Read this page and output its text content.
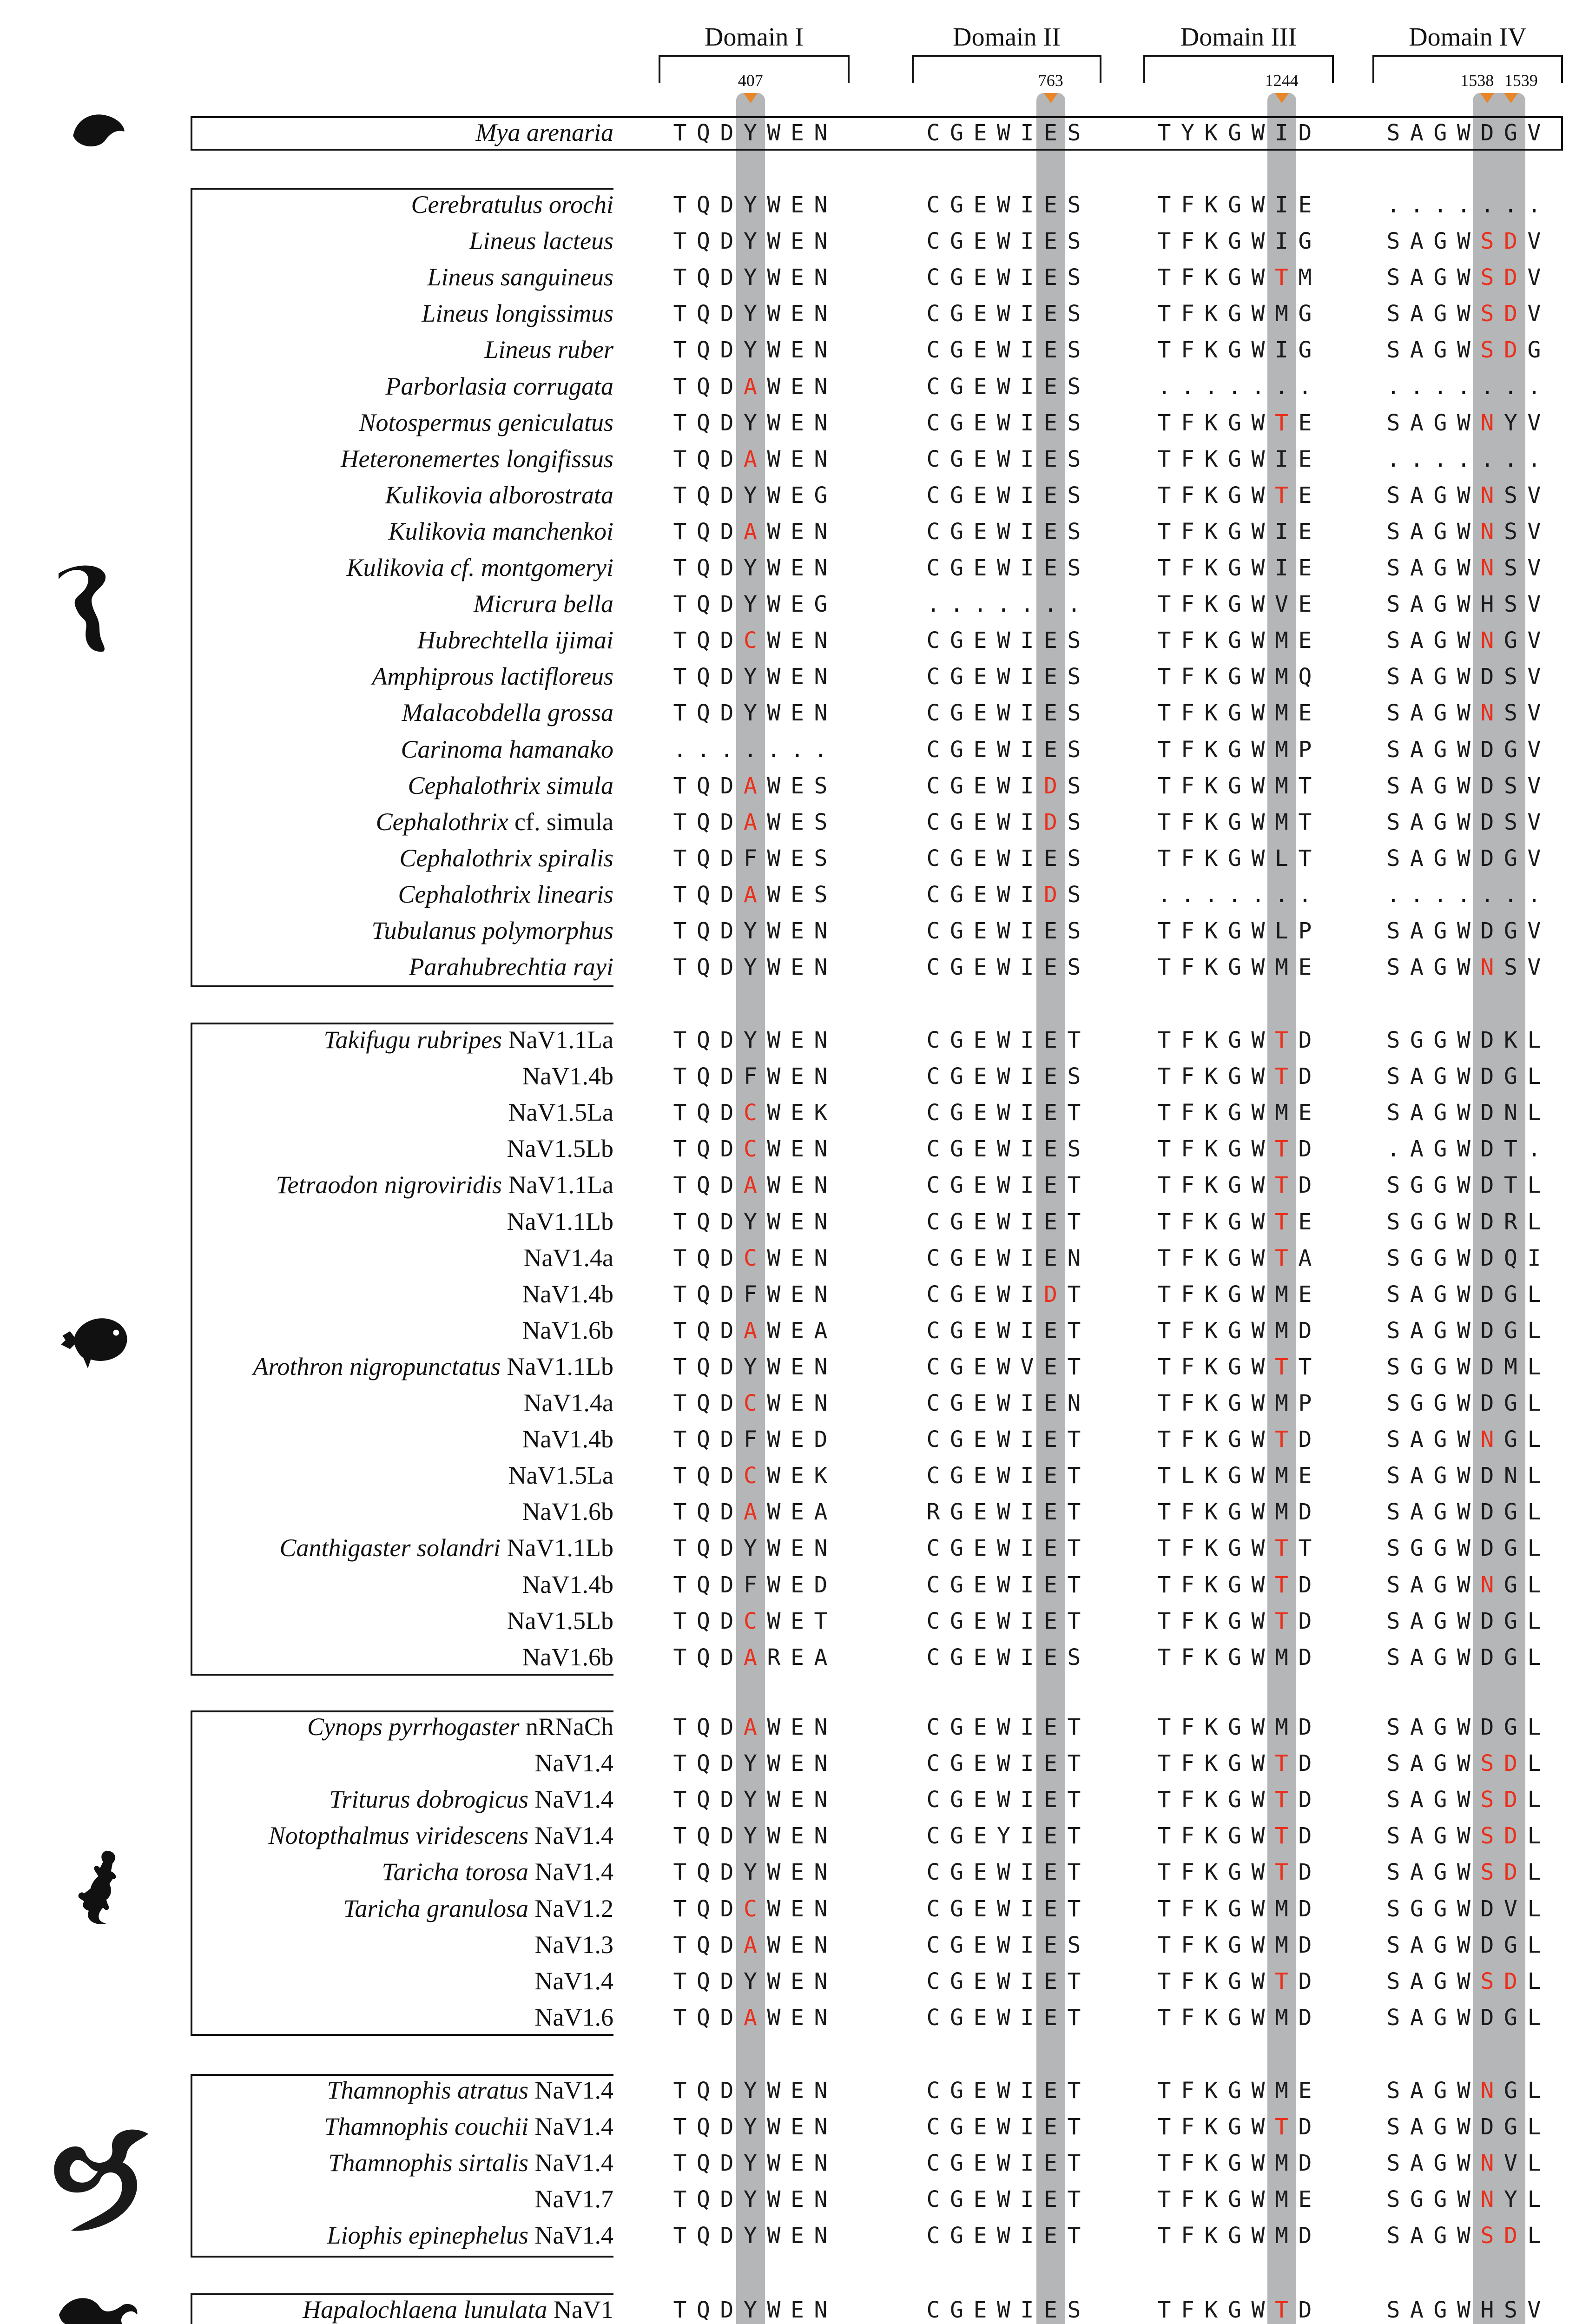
Domain I	Domain II	Domain III	Domain IV
407	763	1244	1538 1539
Mya arenaria	T Q D Y W E N	C G E W I E S	T Y K G W I D	S A G W D G V
Cerebratulus orochi	T Q D Y W E N	C G E W I E S	T F K G W I E	. . . . . . .
Lineus lacteus	T Q D Y W E N	C G E W I E S	T F K G W I G	S A G W S D V
Lineus sanguineus	T Q D Y W E N	C G E W I E S	T F K G W T M	S A G W S D V
Lineus longissimus	T Q D Y W E N	C G E W I E S	T F K G W M G	S A G W S D V
Lineus ruber	T Q D Y W E N	C G E W I E S	T F K G W I G	S A G W S D G
Parborlasia corrugata	T Q D A W E N	C G E W I E S	. . . . . . .	. . . . . . .
Notospermus geniculatus	T Q D Y W E N	C G E W I E S	T F K G W T E	S A G W N Y V
Heteronemertes longifissus	T Q D A W E N	C G E W I E S	T F K G W I E	. . . . . . .
Kulikovia alborostrata	T Q D Y W E G	C G E W I E S	T F K G W T E	S A G W N S V
Kulikovia manchenkoi	T Q D A W E N	C G E W I E S	T F K G W I E	S A G W N S V
Kulikovia cf. montgomeryi	T Q D Y W E N	C G E W I E S	T F K G W I E	S A G W N S V
Micrura bella	T Q D Y W E G	. . . . . . .	T F K G W V E	S A G W H S V
Hubrechtella ijimai	T Q D C W E N	C G E W I E S	T F K G W M E	S A G W N G V
Amphiprous lactifloreus	T Q D Y W E N	C G E W I E S	T F K G W M Q	S A G W D S V
Malacobdella grossa	T Q D Y W E N	C G E W I E S	T F K G W M E	S A G W N S V
Carinoma hamanako	. . . . . . .	C G E W I E S	T F K G W M P	S A G W D G V
Cephalothrix simula	T Q D A W E S	C G E W I D S	T F K G W M T	S A G W D S V
Cephalothrix cf. simula	T Q D A W E S	C G E W I D S	T F K G W M T	S A G W D S V
Cephalothrix spiralis	T Q D F W E S	C G E W I E S	T F K G W L T	S A G W D G V
Cephalothrix linearis	T Q D A W E S	C G E W I D S	. . . . . . .	. . . . . . .
Tubulanus polymorphus	T Q D Y W E N	C G E W I E S	T F K G W L P	S A G W D G V
Parahubrechtia rayi	T Q D Y W E N	C G E W I E S	T F K G W M E	S A G W N S V
Takifugu rubripes NaV1.1La	T Q D Y W E N	C G E W I E T	T F K G W T D	S G G W D K L
NaV1.4b	T Q D F W E N	C G E W I E S	T F K G W T D	S A G W D G L
NaV1.5La	T Q D C W E K	C G E W I E T	T F K G W M E	S A G W D N L
NaV1.5Lb	T Q D C W E N	C G E W I E S	T F K G W T D	. A G W D T .
Tetraodon nigroviridis NaV1.1La	T Q D A W E N	C G E W I E T	T F K G W T D	S G G W D T L
NaV1.1Lb	T Q D Y W E N	C G E W I E T	T F K G W T E	S G G W D R L
NaV1.4a	T Q D C W E N	C G E W I E N	T F K G W T A	S G G W D Q I
NaV1.4b	T Q D F W E N	C G E W I D T	T F K G W M E	S A G W D G L
NaV1.6b	T Q D A W E A	C G E W I E T	T F K G W M D	S A G W D G L
Arothron nigropunctatus NaV1.1Lb	T Q D Y W E N	C G E W V E T	T F K G W T T	S G G W D M L
NaV1.4a	T Q D C W E N	C G E W I E N	T F K G W M P	S G G W D G L
NaV1.4b	T Q D F W E D	C G E W I E T	T F K G W T D	S A G W N G L
NaV1.5La	T Q D C W E K	C G E W I E T	T L K G W M E	S A G W D N L
NaV1.6b	T Q D A W E A	R G E W I E T	T F K G W M D	S A G W D G L
Canthigaster solandri NaV1.1Lb	T Q D Y W E N	C G E W I E T	T F K G W T T	S G G W D G L
NaV1.4b	T Q D F W E D	C G E W I E T	T F K G W T D	S A G W N G L
NaV1.5Lb	T Q D C W E T	C G E W I E T	T F K G W T D	S A G W D G L
NaV1.6b	T Q D A R E A	C G E W I E S	T F K G W M D	S A G W D G L
Cynops pyrrhogaster nRNaCh	T Q D A W E N	C G E W I E T	T F K G W M D	S A G W D G L
NaV1.4	T Q D Y W E N	C G E W I E T	T F K G W T D	S A G W S D L
Triturus dobrogicus NaV1.4	T Q D Y W E N	C G E W I E T	T F K G W T D	S A G W S D L
Notopthalmus viridescens NaV1.4	T Q D Y W E N	C G E Y I E T	T F K G W T D	S A G W S D L
Taricha torosa NaV1.4	T Q D Y W E N	C G E W I E T	T F K G W T D	S A G W S D L
Taricha granulosa NaV1.2	T Q D C W E N	C G E W I E T	T F K G W M D	S G G W D V L
NaV1.3	T Q D A W E N	C G E W I E S	T F K G W M D	S A G W D G L
NaV1.4	T Q D Y W E N	C G E W I E T	T F K G W T D	S A G W S D L
NaV1.6	T Q D A W E N	C G E W I E T	T F K G W M D	S A G W D G L
Thamnophis atratus NaV1.4	T Q D Y W E N	C G E W I E T	T F K G W M E	S A G W N G L
Thamnophis couchii NaV1.4	T Q D Y W E N	C G E W I E T	T F K G W T D	S A G W D G L
Thamnophis sirtalis NaV1.4	T Q D Y W E N	C G E W I E T	T F K G W M D	S A G W N V L
NaV1.7	T Q D Y W E N	C G E W I E T	T F K G W M E	S G G W N Y L
Liophis epinephelus NaV1.4	T Q D Y W E N	C G E W I E T	T F K G W M D	S A G W S D L
Hapalochlaena lunulata NaV1	T Q D Y W E N	C G E W I E S	T F K G W T D	S A G W H S V
